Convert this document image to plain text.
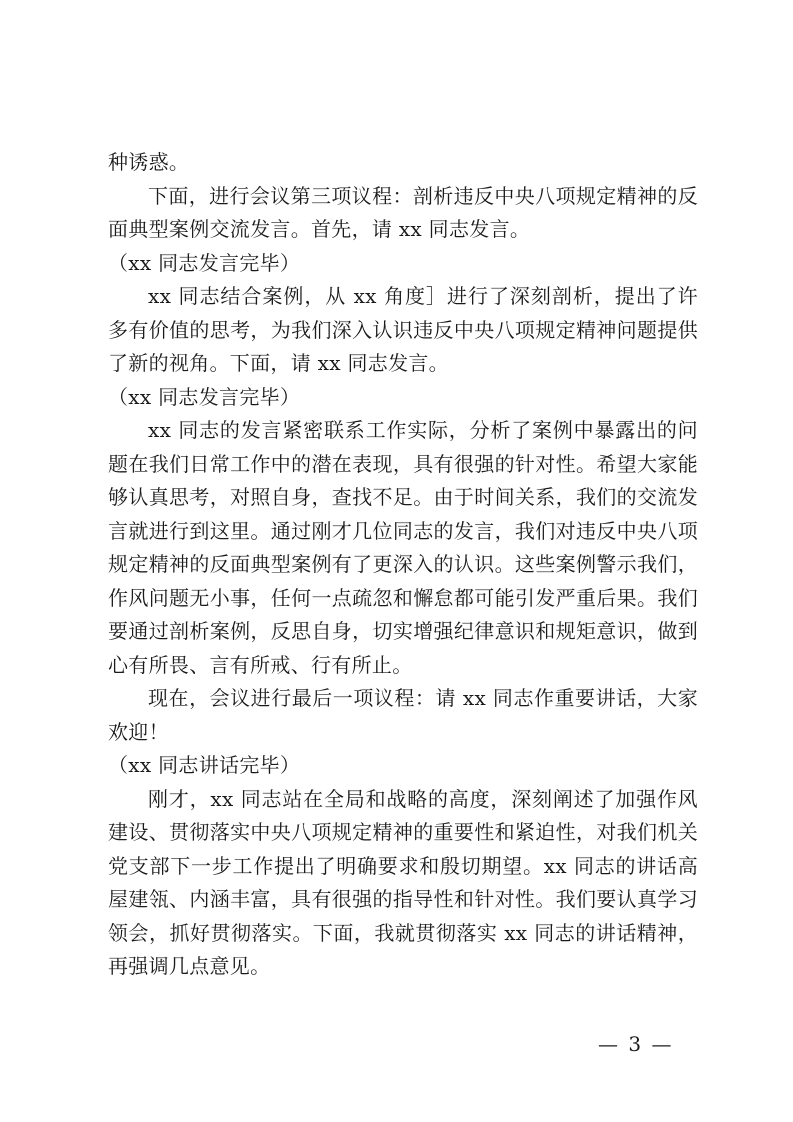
种诱惑。

下面，进行会议第三项议程：剖析违反中央八项规定精神的反面典型案例交流发言。首先，请 xx 同志发言。

（xx 同志发言完毕）

xx 同志结合案例，从 xx 角度］进行了深刻剖析，提出了许多有价值的思考，为我们深入认识违反中央八项规定精神问题提供了新的视角。下面，请 xx 同志发言。

（xx 同志发言完毕）

xx 同志的发言紧密联系工作实际，分析了案例中暴露出的问题在我们日常工作中的潜在表现，具有很强的针对性。希望大家能够认真思考，对照自身，查找不足。由于时间关系，我们的交流发言就进行到这里。通过刚才几位同志的发言，我们对违反中央八项规定精神的反面典型案例有了更深入的认识。这些案例警示我们，作风问题无小事，任何一点疏忽和懈怠都可能引发严重后果。我们要通过剖析案例，反思自身，切实增强纪律意识和规矩意识，做到心有所畏、言有所戒、行有所止。

现在，会议进行最后一项议程：请 xx 同志作重要讲话，大家欢迎！

（xx 同志讲话完毕）

刚才，xx 同志站在全局和战略的高度，深刻阐述了加强作风建设、贯彻落实中央八项规定精神的重要性和紧迫性，对我们机关党支部下一步工作提出了明确要求和殷切期望。xx 同志的讲话高屋建瓴、内涵丰富，具有很强的指导性和针对性。我们要认真学习领会，抓好贯彻落实。下面，我就贯彻落实 xx 同志的讲话精神，再强调几点意见。

— 3 —
